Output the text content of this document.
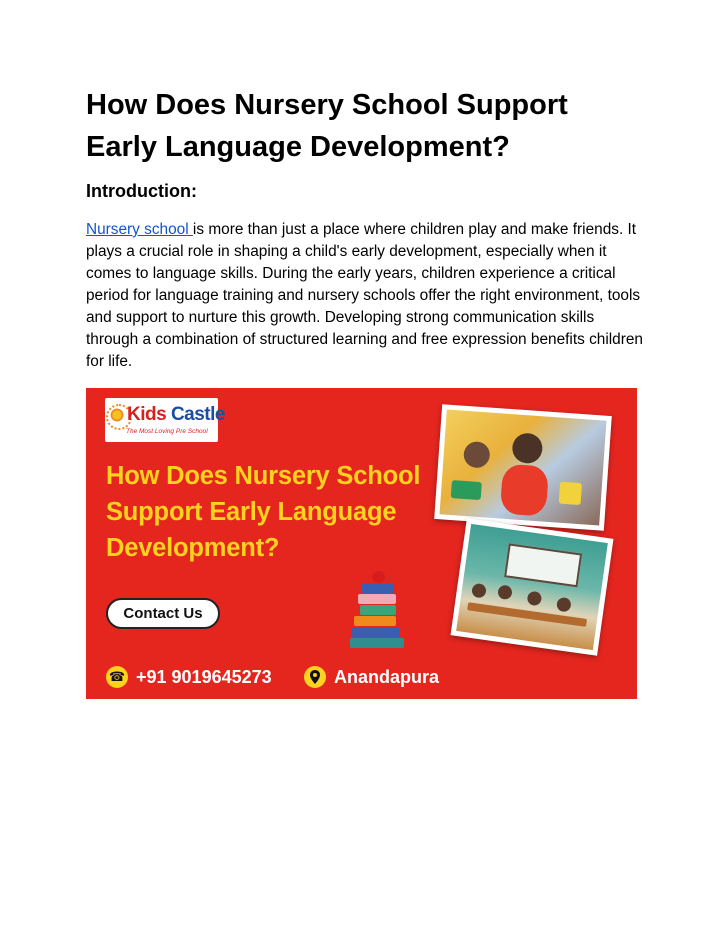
How Does Nursery School Support Early Language Development?
Introduction:

Nursery school is more than just a place where children play and make friends. It plays a crucial role in shaping a child's early development, especially when it comes to language skills. During the early years, children experience a critical period for language training and nursery schools offer the right environment, tools and support to nurture this growth. Developing strong communication skills through a combination of structured learning and free expression benefits children for life.

Kids Castle
The Most Loving Pre School
How Does Nursery School Support Early Language Development?
Contact Us
☎ +91 9019645273	Anandapura
